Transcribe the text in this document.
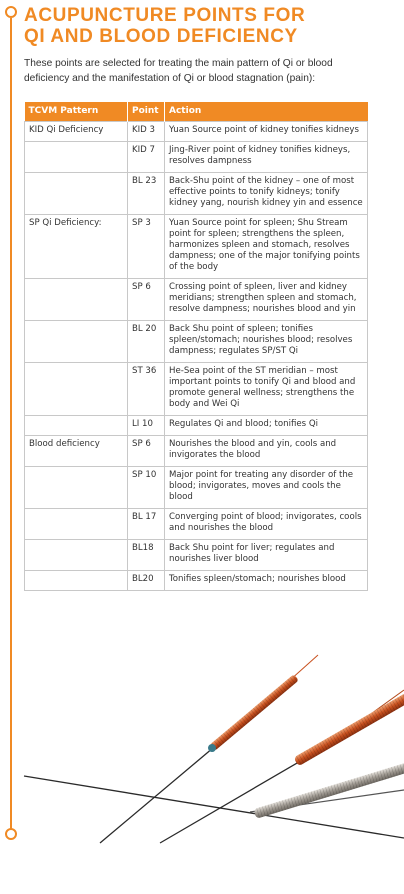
ACUPUNCTURE POINTS FOR
QI AND BLOOD DEFICIENCY
These points are selected for treating the main pattern of Qi or blood deficiency and the manifestation of Qi or blood stagnation (pain):
TCVM Pattern	Point	Action
KID Qi Deficiency	KID 3	Yuan Source point of kidney tonifies kidneys
	KID 7	Jing-River point of kidney tonifies kidneys, resolves dampness
	BL 23	Back-Shu point of the kidney – one of most effective points to tonify kidneys; tonify kidney yang, nourish kidney yin and essence
SP Qi Deficiency:	SP 3	Yuan Source point for spleen; Shu Stream point for spleen; strengthens the spleen, harmonizes spleen and stomach, resolves dampness; one of the major tonifying points of the body
	SP 6	Crossing point of spleen, liver and kidney meridians; strengthen spleen and stomach, resolve dampness; nourishes blood and yin
	BL 20	Back Shu point of spleen; tonifies spleen/stomach; nourishes blood; resolves dampness; regulates SP/ST Qi
	ST 36	He-Sea point of the ST meridian – most important points to tonify Qi and blood and promote general wellness; strengthens the body and Wei Qi
	LI 10	Regulates Qi and blood; tonifies Qi
Blood deficiency	SP 6	Nourishes the blood and yin, cools and invigorates the blood
	SP 10	Major point for treating any disorder of the blood; invigorates, moves and cools the blood
	BL 17	Converging point of blood; invigorates, cools and nourishes the blood
	BL18	Back Shu point for liver; regulates and nourishes liver blood
	BL20	Tonifies spleen/stomach; nourishes blood
